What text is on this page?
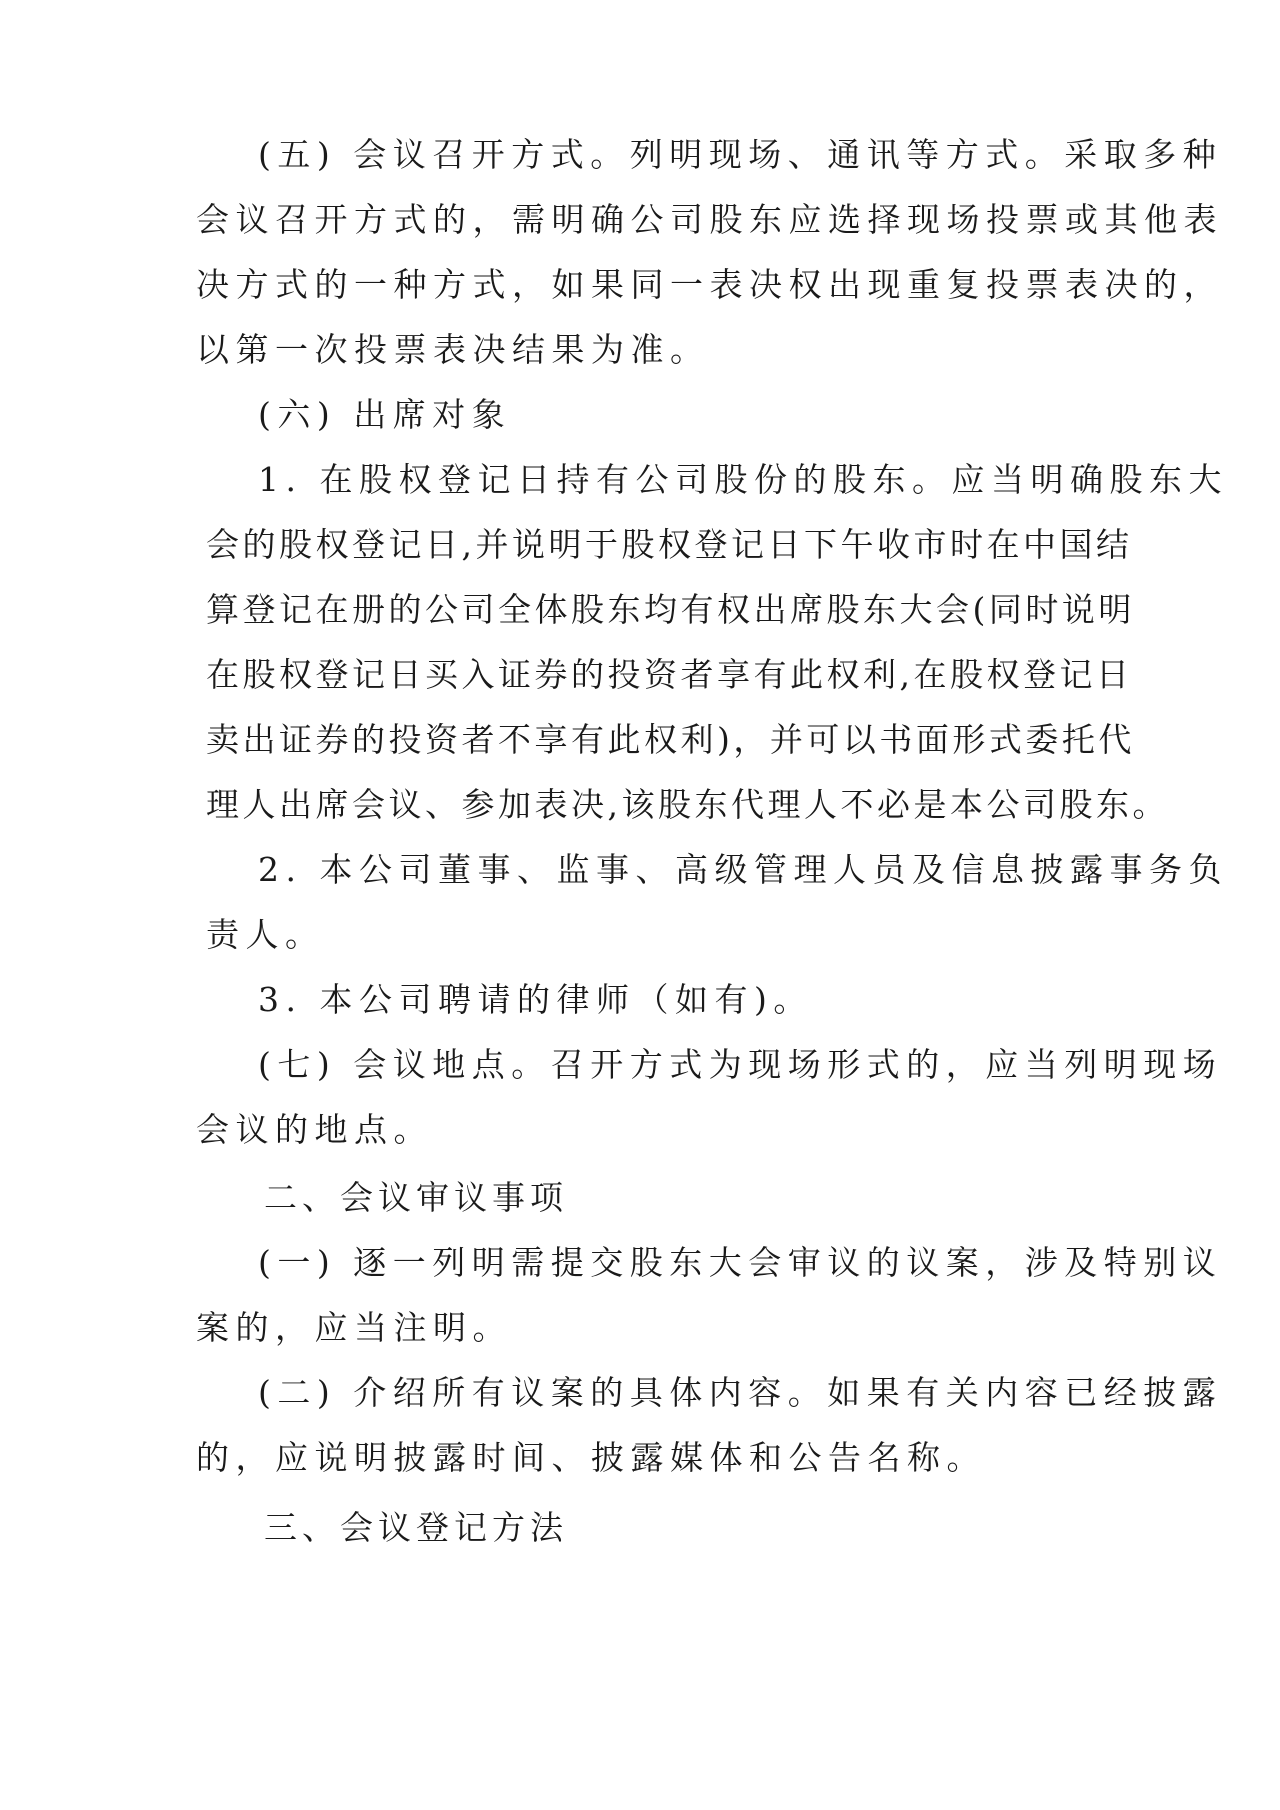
(五) 会议召开方式。列明现场、通讯等方式。采取多种
会议召开方式的，需明确公司股东应选择现场投票或其他表
决方式的一种方式，如果同一表决权出现重复投票表决的，
以第一次投票表决结果为准。
(六) 出席对象
1. 在股权登记日持有公司股份的股东。应当明确股东大
会的股权登记日,并说明于股权登记日下午收市时在中国结
算登记在册的公司全体股东均有权出席股东大会(同时说明
在股权登记日买入证券的投资者享有此权利,在股权登记日
卖出证券的投资者不享有此权利)，并可以书面形式委托代
理人出席会议、参加表决,该股东代理人不必是本公司股东。
2. 本公司董事、监事、高级管理人员及信息披露事务负
责人。
3. 本公司聘请的律师（如有)。
(七) 会议地点。召开方式为现场形式的，应当列明现场
会议的地点。
二、会议审议事项
(一) 逐一列明需提交股东大会审议的议案，涉及特别议
案的，应当注明。
(二) 介绍所有议案的具体内容。如果有关内容已经披露
的，应说明披露时间、披露媒体和公告名称。
三、会议登记方法
